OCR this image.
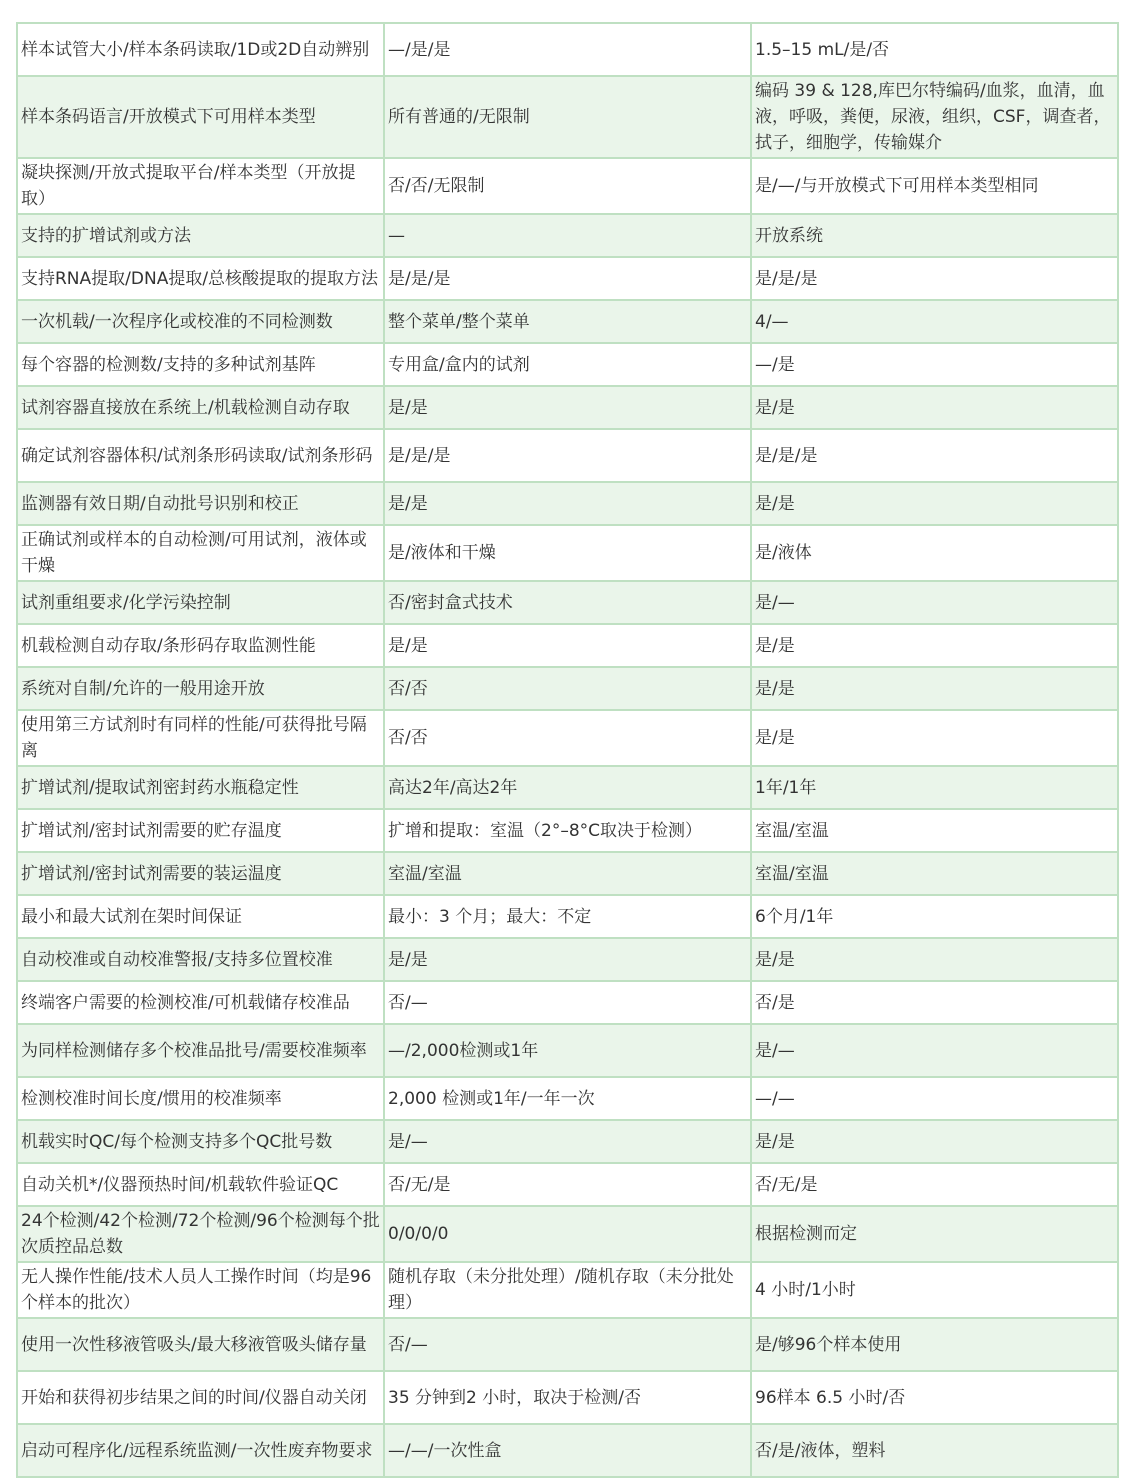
样本试管大小/样本条码读取/1D或2D自动辨别	—/是/是	1.5–15 mL/是/否
样本条码语言/开放模式下可用样本类型	所有普通的/无限制	编码 39 & 128,库巴尔特编码/血浆，血清，血液，呼吸，粪便，尿液，组织，CSF，调查者，拭子，细胞学，传输媒介
凝块探测/开放式提取平台/样本类型（开放提取）	否/否/无限制	是/—/与开放模式下可用样本类型相同
支持的扩增试剂或方法	—	开放系统
支持RNA提取/DNA提取/总核酸提取的提取方法	是/是/是	是/是/是
一次机载/一次程序化或校准的不同检测数	整个菜单/整个菜单	4/—
每个容器的检测数/支持的多种试剂基阵	专用盒/盒内的试剂	—/是
试剂容器直接放在系统上/机载检测自动存取	是/是	是/是
确定试剂容器体积/试剂条形码读取/试剂条形码	是/是/是	是/是/是
监测器有效日期/自动批号识别和校正	是/是	是/是
正确试剂或样本的自动检测/可用试剂，液体或干燥	是/液体和干燥	是/液体
试剂重组要求/化学污染控制	否/密封盒式技术	是/—
机载检测自动存取/条形码存取监测性能	是/是	是/是
系统对自制/允许的一般用途开放	否/否	是/是
使用第三方试剂时有同样的性能/可获得批号隔离	否/否	是/是
扩增试剂/提取试剂密封药水瓶稳定性	高达2年/高达2年	1年/1年
扩增试剂/密封试剂需要的贮存温度	扩增和提取：室温（2°–8°C取决于检测）	室温/室温
扩增试剂/密封试剂需要的装运温度	室温/室温	室温/室温
最小和最大试剂在架时间保证	最小：3 个月；最大：不定	6个月/1年
自动校准或自动校准警报/支持多位置校准	是/是	是/是
终端客户需要的检测校准/可机载储存校准品	否/—	否/是
为同样检测储存多个校准品批号/需要校准频率	—/2,000检测或1年	是/—
检测校准时间长度/惯用的校准频率	2,000 检测或1年/一年一次	—/—
机载实时QC/每个检测支持多个QC批号数	是/—	是/是
自动关机*/仪器预热时间/机载软件验证QC	否/无/是	否/无/是
24个检测/42个检测/72个检测/96个检测每个批次质控品总数	0/0/0/0	根据检测而定
无人操作性能/技术人员人工操作时间（均是96个样本的批次）	随机存取（未分批处理）/随机存取（未分批处理）	4 小时/1小时
使用一次性移液管吸头/最大移液管吸头储存量	否/—	是/够96个样本使用
开始和获得初步结果之间的时间/仪器自动关闭	35 分钟到2 小时，取决于检测/否	96样本 6.5 小时/否
启动可程序化/远程系统监测/一次性废弃物要求	—/—/一次性盒	否/是/液体，塑料
